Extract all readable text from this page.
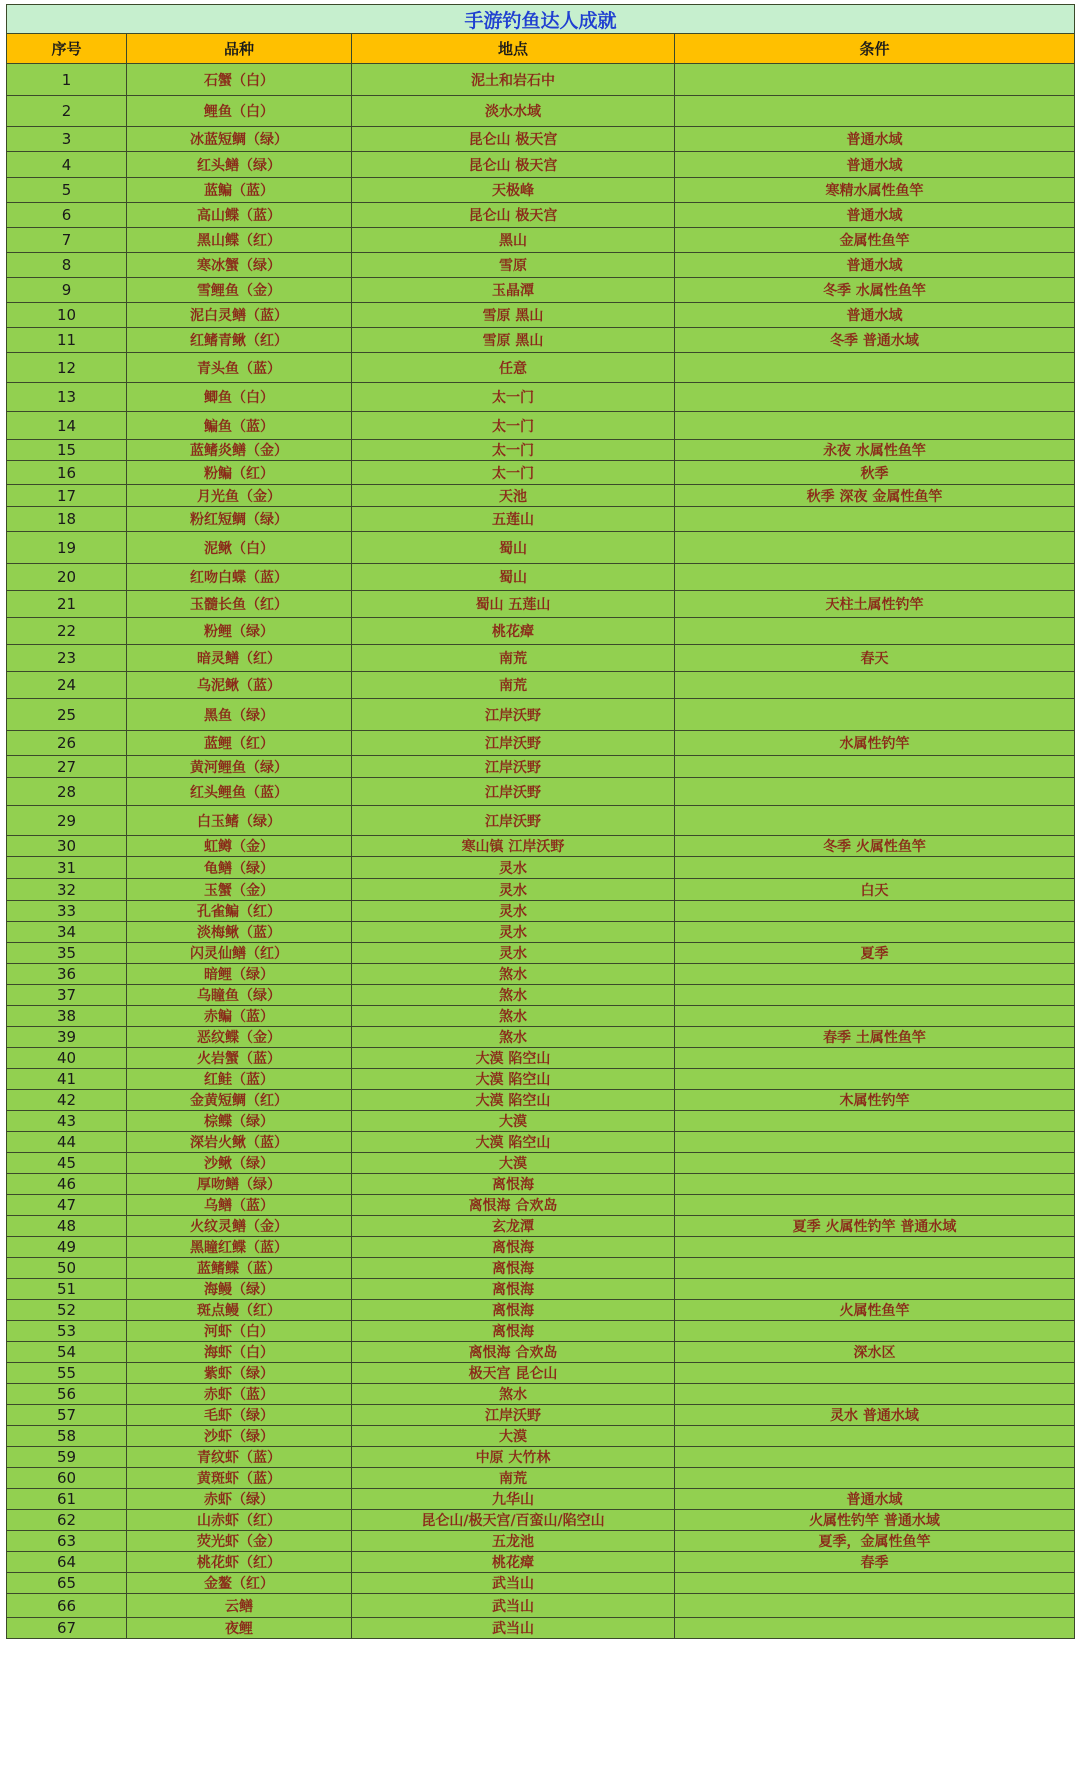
手游钓鱼达人成就			
序号	品种	地点	条件
1	石蟹（白）	泥土和岩石中	
2	鲤鱼（白）	淡水水域	
3	冰蓝短鲷（绿）	昆仑山 极天宫	普通水域
4	红头鳝（绿）	昆仑山 极天宫	普通水域
5	蓝鳊（蓝）	天极峰	寒精水属性鱼竿
6	高山鲽（蓝）	昆仑山 极天宫	普通水域
7	黑山鲽（红）	黑山	金属性鱼竿
8	寒冰蟹（绿）	雪原	普通水域
9	雪鲤鱼（金）	玉晶潭	冬季 水属性鱼竿
10	泥白灵鳝（蓝）	雪原 黑山	普通水域
11	红鳍青鳅（红）	雪原 黑山	冬季 普通水域
12	青头鱼（蓝）	任意	
13	鲫鱼（白）	太一门	
14	鳊鱼（蓝）	太一门	
15	蓝鳍炎鳝（金）	太一门	永夜 水属性鱼竿
16	粉鳊（红）	太一门	秋季
17	月光鱼（金）	天池	秋季 深夜 金属性鱼竿
18	粉红短鲷（绿）	五莲山	
19	泥鳅（白）	蜀山	
20	红吻白蝶（蓝）	蜀山	
21	玉髓长鱼（红）	蜀山 五莲山	天柱土属性钓竿
22	粉鲤（绿）	桃花瘴	
23	暗灵鳝（红）	南荒	春天
24	乌泥鳅（蓝）	南荒	
25	黑鱼（绿）	江岸沃野	
26	蓝鲤（红）	江岸沃野	水属性钓竿
27	黄河鲤鱼（绿）	江岸沃野	
28	红头鲤鱼（蓝）	江岸沃野	
29	白玉鳍（绿）	江岸沃野	
30	虹鳟（金）	寒山镇 江岸沃野	冬季 火属性鱼竿
31	龟鳝（绿）	灵水	
32	玉蟹（金）	灵水	白天
33	孔雀鳊（红）	灵水	
34	淡梅鳅（蓝）	灵水	
35	闪灵仙鳝（红）	灵水	夏季
36	暗鲤（绿）	煞水	
37	乌瞳鱼（绿）	煞水	
38	赤鳊（蓝）	煞水	
39	恶纹鲽（金）	煞水	春季 土属性鱼竿
40	火岩蟹（蓝）	大漠 陷空山	
41	红鲑（蓝）	大漠 陷空山	
42	金黄短鲷（红）	大漠 陷空山	木属性钓竿
43	棕鲽（绿）	大漠	
44	深岩火鳅（蓝）	大漠 陷空山	
45	沙鳅（绿）	大漠	
46	厚吻鳝（绿）	离恨海	
47	乌鳝（蓝）	离恨海 合欢岛	
48	火纹灵鳝（金）	玄龙潭	夏季 火属性钓竿 普通水域
49	黑瞳红鲽（蓝）	离恨海	
50	蓝鳍鲽（蓝）	离恨海	
51	海鳗（绿）	离恨海	
52	斑点鳗（红）	离恨海	火属性鱼竿
53	河虾（白）	离恨海	
54	海虾（白）	离恨海 合欢岛	深水区
55	紫虾（绿）	极天宫 昆仑山	
56	赤虾（蓝）	煞水	
57	毛虾（绿）	江岸沃野	灵水 普通水域
58	沙虾（绿）	大漠	
59	青纹虾（蓝）	中原 大竹林	
60	黄斑虾（蓝）	南荒	
61	赤虾（绿）	九华山	普通水域
62	山赤虾（红）	昆仑山/极天宫/百蛮山/陷空山	火属性钓竿 普通水域
63	荧光虾（金）	五龙池	夏季，金属性鱼竿
64	桃花虾（红）	桃花瘴	春季
65	金鳌（红）	武当山	
66	云鳝	武当山	
67	夜鲤	武当山	
